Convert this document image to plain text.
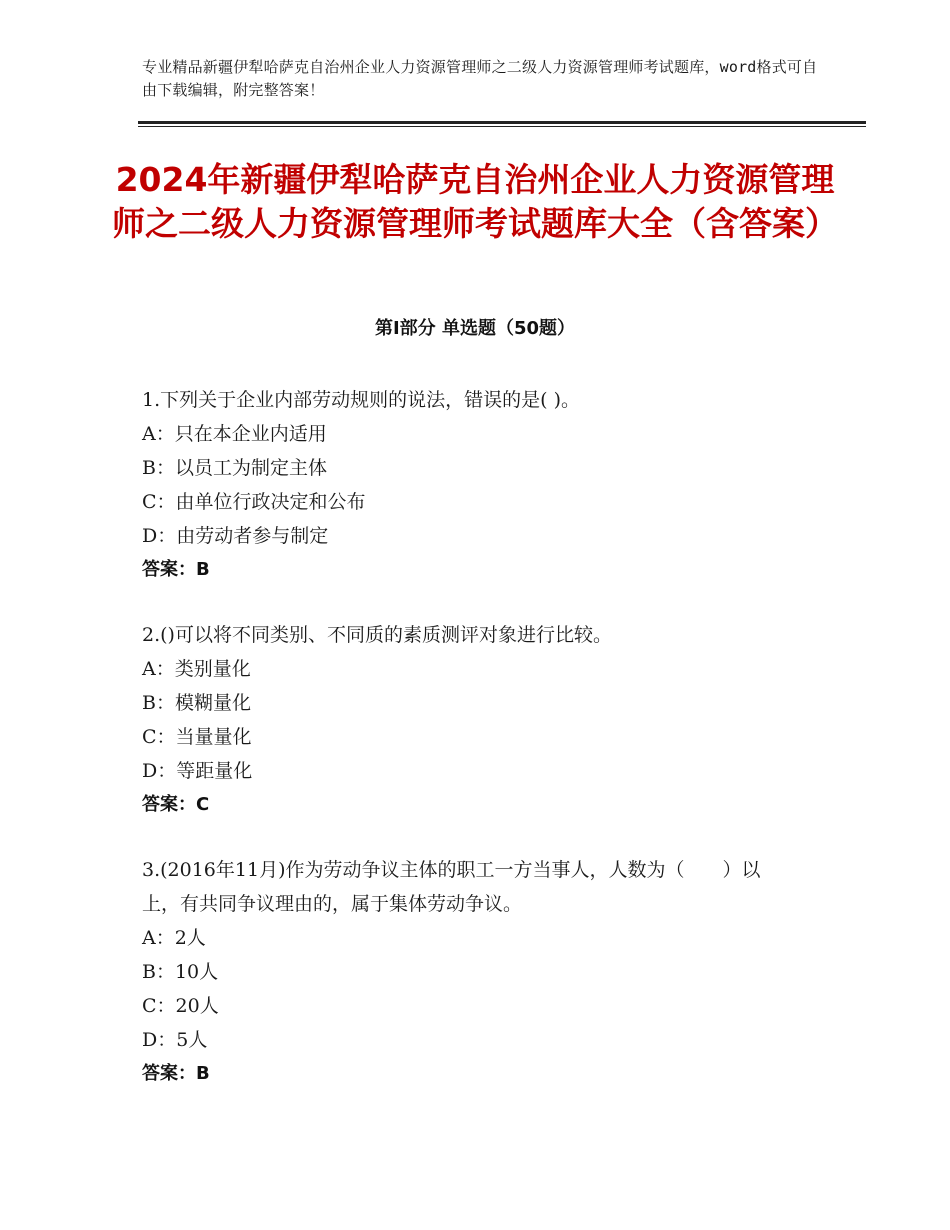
专业精品新疆伊犁哈萨克自治州企业人力资源管理师之二级人力资源管理师考试题库，word格式可自由下载编辑，附完整答案！
2024年新疆伊犁哈萨克自治州企业人力资源管理师之二级人力资源管理师考试题库大全（含答案）
第Ⅰ部分 单选题（50题）
1.下列关于企业内部劳动规则的说法，错误的是( )。
A：只在本企业内适用
B：以员工为制定主体
C：由单位行政决定和公布
D：由劳动者参与制定
答案：B
2.()可以将不同类别、不同质的素质测评对象进行比较。
A：类别量化
B：模糊量化
C：当量量化
D：等距量化
答案：C
3.(2016年11月)作为劳动争议主体的职工一方当事人，人数为（　　）以上，有共同争议理由的，属于集体劳动争议。
A：2人
B：10人
C：20人
D：5人
答案：B
